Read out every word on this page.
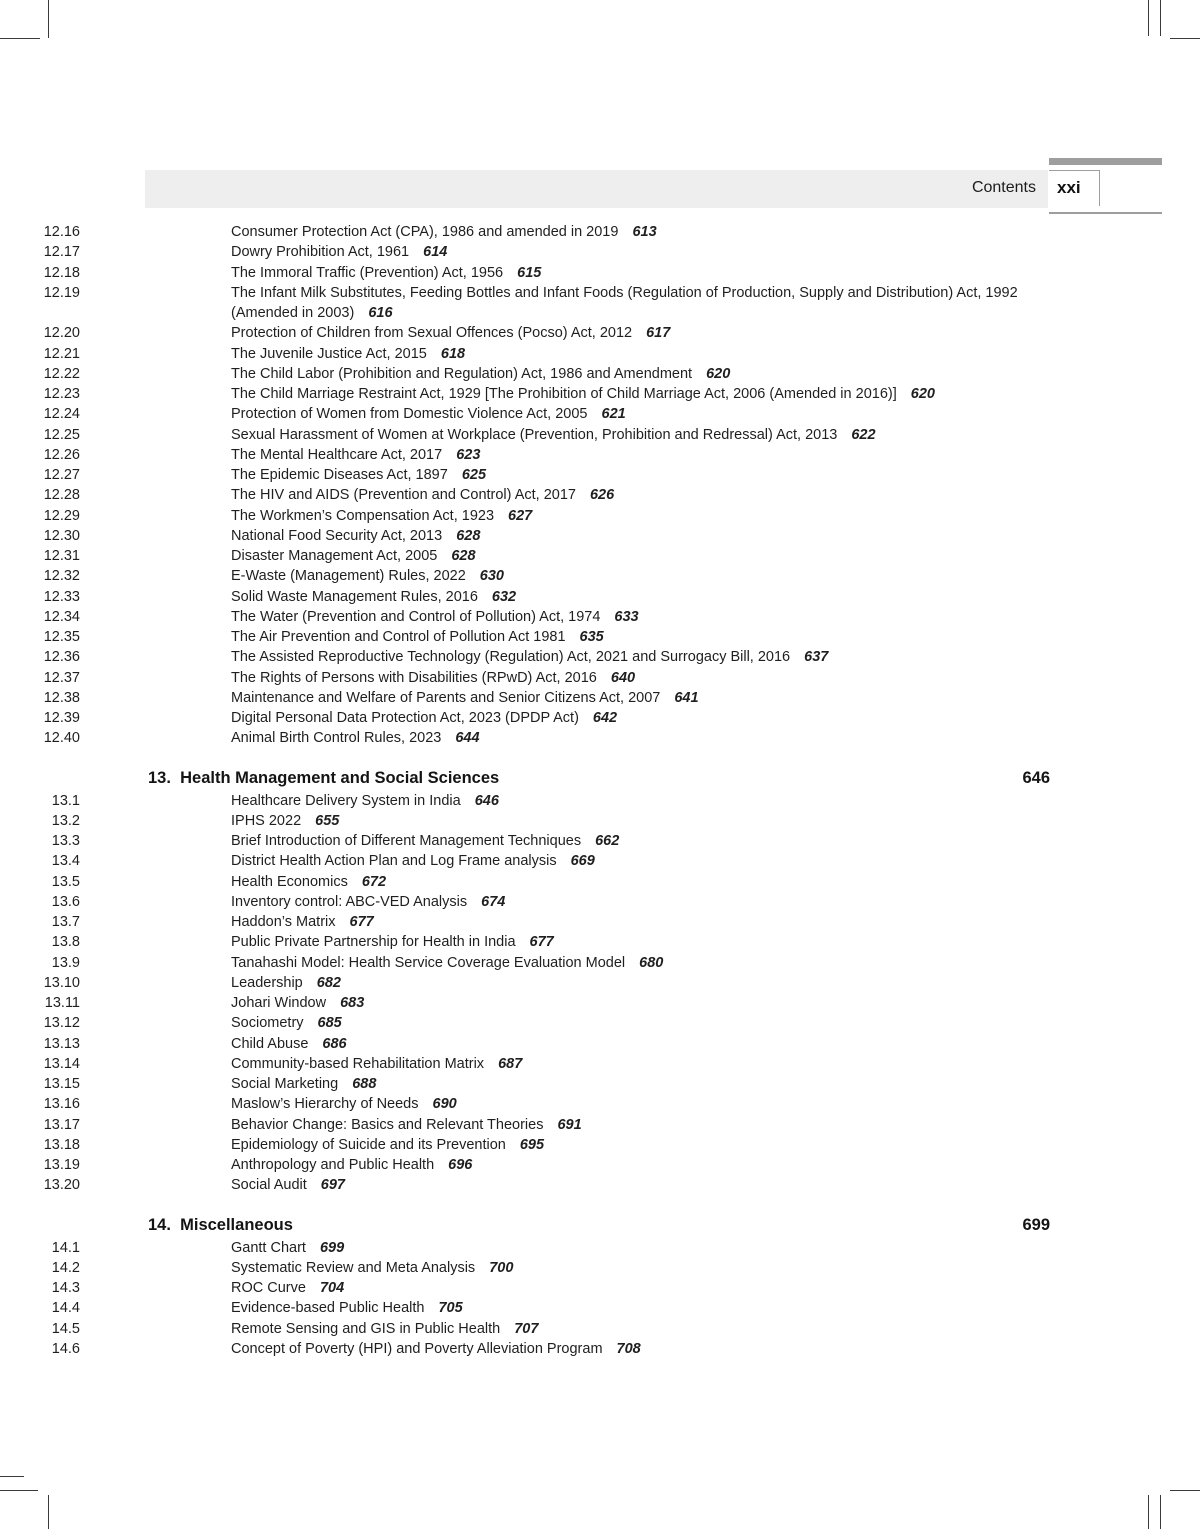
Contents xxi
12.16	Consumer Protection Act (CPA), 1986 and amended in 2019 613
12.17	Dowry Prohibition Act, 1961 614
12.18	The Immoral Traffic (Prevention) Act, 1956 615
12.19	The Infant Milk Substitutes, Feeding Bottles and Infant Foods (Regulation of Production, Supply and Distribution) Act, 1992 (Amended in 2003) 616
12.20	Protection of Children from Sexual Offences (Pocso) Act, 2012 617
12.21	The Juvenile Justice Act, 2015 618
12.22	The Child Labor (Prohibition and Regulation) Act, 1986 and Amendment 620
12.23	The Child Marriage Restraint Act, 1929 [The Prohibition of Child Marriage Act, 2006 (Amended in 2016)] 620
12.24	Protection of Women from Domestic Violence Act, 2005 621
12.25	Sexual Harassment of Women at Workplace (Prevention, Prohibition and Redressal) Act, 2013 622
12.26	The Mental Healthcare Act, 2017 623
12.27	The Epidemic Diseases Act, 1897 625
12.28	The HIV and AIDS (Prevention and Control) Act, 2017 626
12.29	The Workmen’s Compensation Act, 1923 627
12.30	National Food Security Act, 2013 628
12.31	Disaster Management Act, 2005 628
12.32	E-Waste (Management) Rules, 2022 630
12.33	Solid Waste Management Rules, 2016 632
12.34	The Water (Prevention and Control of Pollution) Act, 1974 633
12.35	The Air Prevention and Control of Pollution Act 1981 635
12.36	The Assisted Reproductive Technology (Regulation) Act, 2021 and Surrogacy Bill, 2016 637
12.37	The Rights of Persons with Disabilities (RPwD) Act, 2016 640
12.38	Maintenance and Welfare of Parents and Senior Citizens Act, 2007 641
12.39	Digital Personal Data Protection Act, 2023 (DPDP Act) 642
12.40	Animal Birth Control Rules, 2023 644
13. Health Management and Social Sciences	646
13.1	Healthcare Delivery System in India 646
13.2	IPHS 2022 655
13.3	Brief Introduction of Different Management Techniques 662
13.4	District Health Action Plan and Log Frame analysis 669
13.5	Health Economics 672
13.6	Inventory control: ABC-VED Analysis 674
13.7	Haddon’s Matrix 677
13.8	Public Private Partnership for Health in India 677
13.9	Tanahashi Model: Health Service Coverage Evaluation Model 680
13.10	Leadership 682
13.11	Johari Window 683
13.12	Sociometry 685
13.13	Child Abuse 686
13.14	Community-based Rehabilitation Matrix 687
13.15	Social Marketing 688
13.16	Maslow’s Hierarchy of Needs 690
13.17	Behavior Change: Basics and Relevant Theories 691
13.18	Epidemiology of Suicide and its Prevention 695
13.19	Anthropology and Public Health 696
13.20	Social Audit 697
14. Miscellaneous	699
14.1	Gantt Chart 699
14.2	Systematic Review and Meta Analysis 700
14.3	ROC Curve 704
14.4	Evidence-based Public Health 705
14.5	Remote Sensing and GIS in Public Health 707
14.6	Concept of Poverty (HPI) and Poverty Alleviation Program 708
